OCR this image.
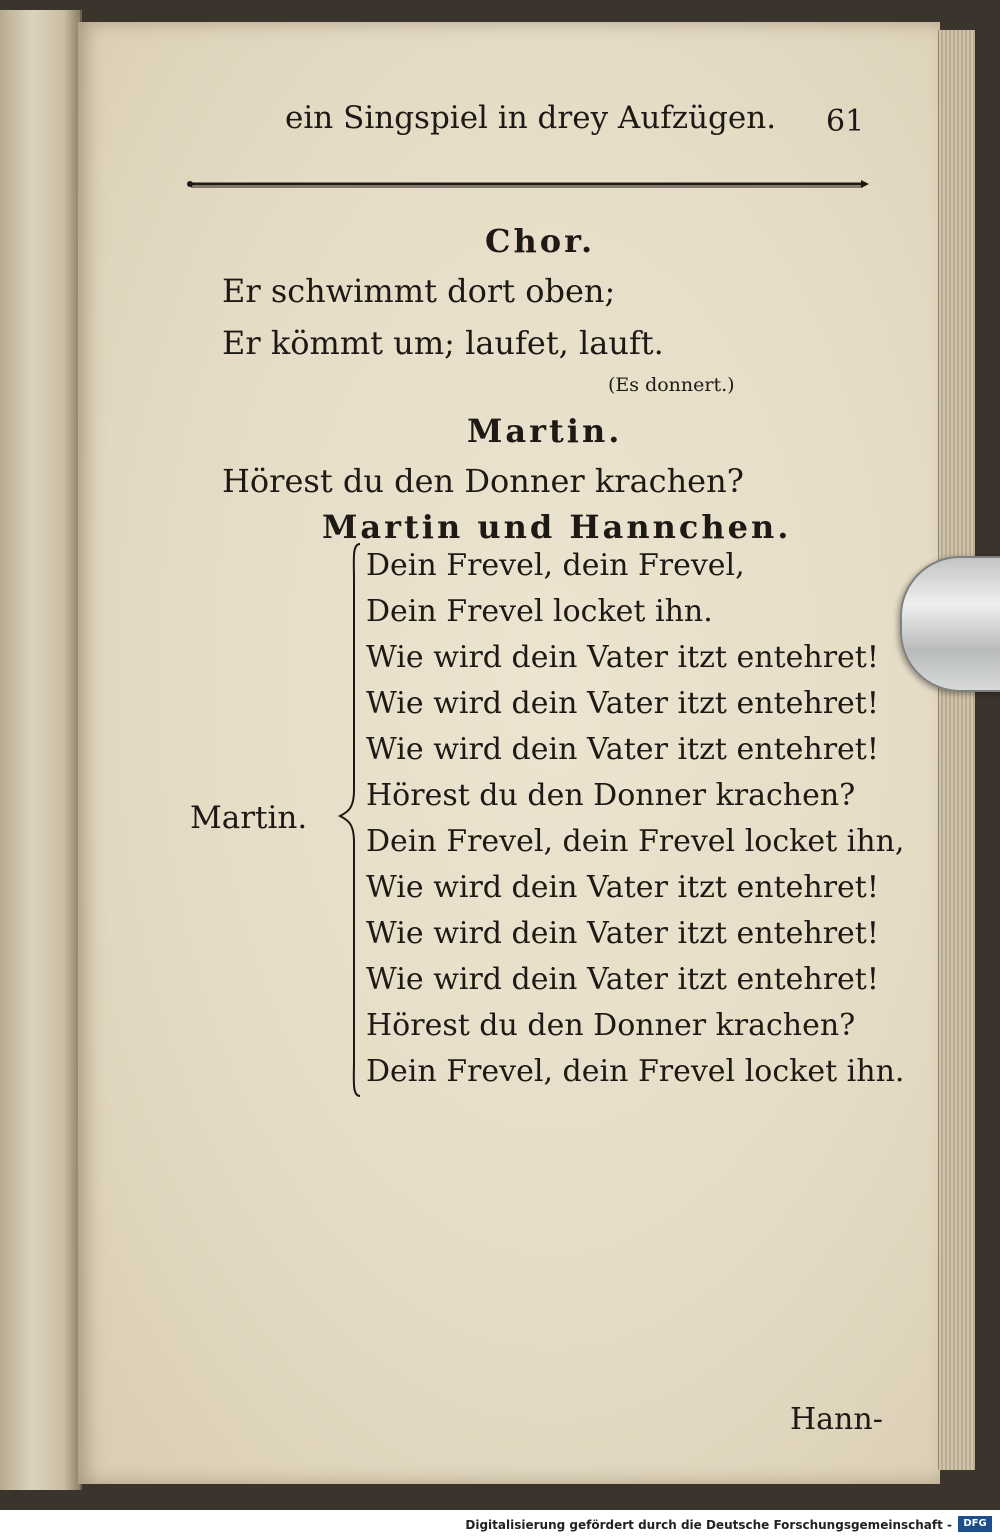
ein Singspiel in drey Aufzügen. 61
Chor.
Er schwimmt dort oben;
Er kömmt um; laufet, lauft.
(Es donnert.)
Martin.
Hörest du den Donner krachen?
Martin und Hannchen.
Martin.
Dein Frevel, dein Frevel,
Dein Frevel locket ihn.
Wie wird dein Vater itzt entehret!
Wie wird dein Vater itzt entehret!
Wie wird dein Vater itzt entehret!
Hörest du den Donner krachen?
Dein Frevel, dein Frevel locket ihn,
Wie wird dein Vater itzt entehret!
Wie wird dein Vater itzt entehret!
Wie wird dein Vater itzt entehret!
Hörest du den Donner krachen?
Dein Frevel, dein Frevel locket ihn.
Hann-
Digitalisierung gefördert durch die Deutsche Forschungsgemeinschaft -	DFG
